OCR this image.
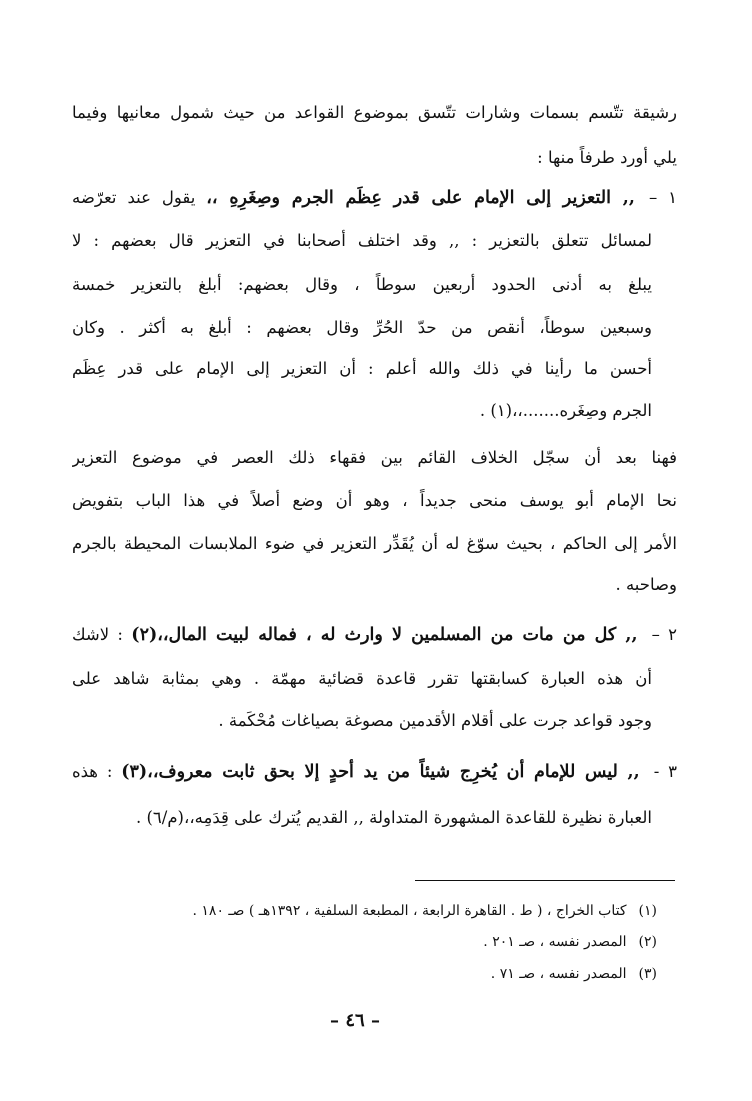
رشيقة تتّسم بسمات وشارات تتّسق بموضوع القواعد من حيث شمول معانيها وفيما
يلي أورد طرفاً منها :
١ –,, التعزير إلى الإمام على قدر عِظَم الجرم وصِغَرِهِ ،، يقول عند تعرّضه
لمسائل تتعلق بالتعزير : ,, وقد اختلف أصحابنا في التعزير قال بعضهم : لا
يبلغ به أدنى الحدود أربعين سوطاً ، وقال بعضهم: أبلغ بالتعزير خمسة
وسبعين سوطاً، أنقص من حدّ الحُرِّ وقال بعضهم : أبلغ به أكثر . وكان
أحسن ما رأينا في ذلك والله أعلم : أن التعزير إلى الإمام على قدر عِظَم
الجرم وصِغَره.......،،(١) .
فهنا بعد أن سجّل الخلاف القائم بين فقهاء ذلك العصر في موضوع التعزير
نحا الإمام أبو يوسف منحى جديداً ، وهو أن وضع أصلاً في هذا الباب بتفويض
الأمر إلى الحاكم ، بحيث سوّغ له أن يُقَدِّر التعزير في ضوء الملابسات المحيطة بالجرم
وصاحبه .
٢ –,, كل من مات من المسلمين لا وارث له ، فماله لبيت المال،،(٢) : لاشك
أن هذه العبارة كسابقتها تقرر قاعدة قضائية مهمّة . وهي بمثابة شاهد على
وجود قواعد جرت على أقلام الأقدمين مصوغة بصياغات مُحْكَمة .
٣ -,, ليس للإمام أن يُخرِج شيئاً من يد أحدٍ إلا بحق ثابت معروف،،(٣) : هذه
العبارة نظيرة للقاعدة المشهورة المتداولة ,, القديم يُترك على قِدَمِه،،(م/٦) .
(١)كتاب الخراج ، ( ط . القاهرة الرابعة ، المطبعة السلفية ، ١٣٩٢هـ ) صـ ١٨٠ .
(٢)المصدر نفسه ، صـ ٢٠١ .
(٣)المصدر نفسه ، صـ ٧١ .
– ٤٦ –
